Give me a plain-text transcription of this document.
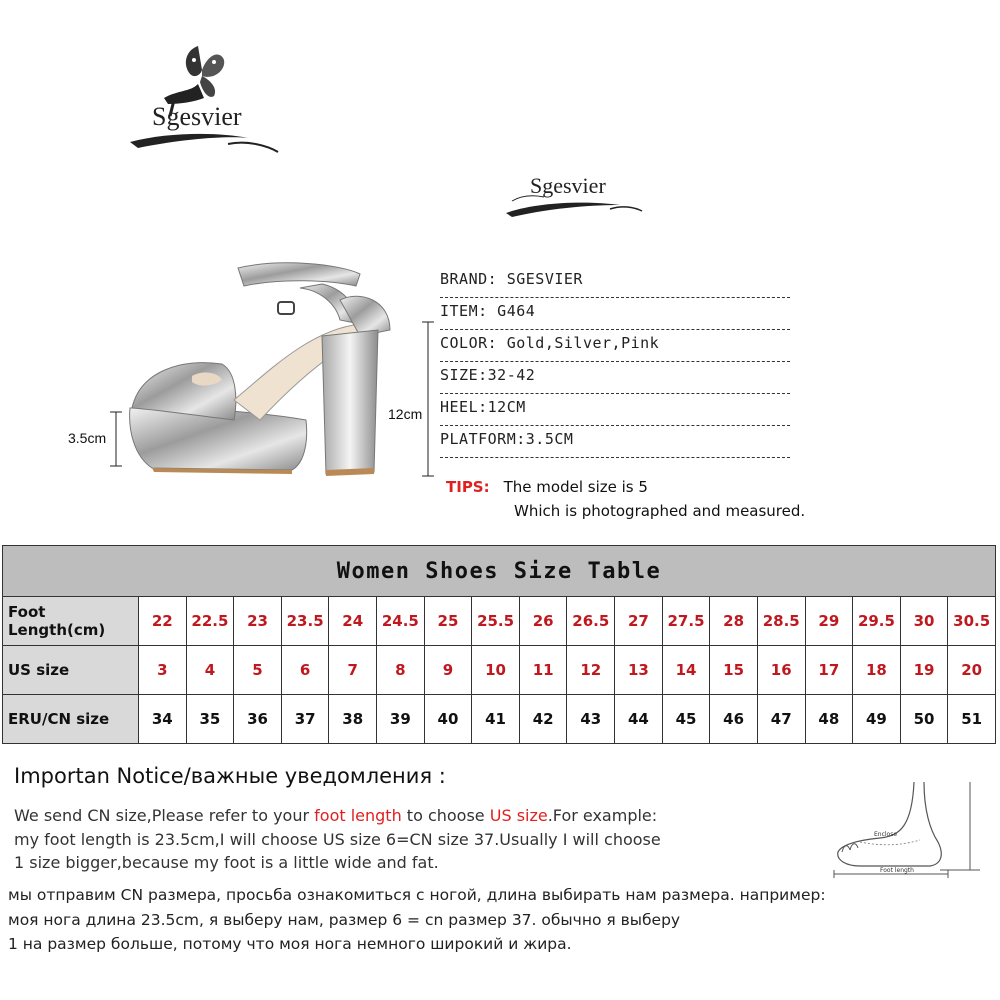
Sgesvier
Sgesvier
3.5cm
12cm
BRAND: SGESVIER
ITEM: G464
COLOR: Gold,Silver,Pink
SIZE:32-42
HEEL:12CM
PLATFORM:3.5CM
TIPS: The model size is 5
Which is photographed and measured.
Women Shoes Size Table																		
Foot Length(cm)	22	22.5	23	23.5	24	24.5	25	25.5	26	26.5	27	27.5	28	28.5	29	29.5	30	30.5
US size	3	4	5	6	7	8	9	10	11	12	13	14	15	16	17	18	19	20
ERU/CN size	34	35	36	37	38	39	40	41	42	43	44	45	46	47	48	49	50	51
Importan Notice/важные уведомления :
We send CN size,Please refer to your foot length to choose US size.For example:
my foot length is 23.5cm,I will choose US size 6=CN size 37.Usually I will choose
1 size bigger,because my foot is a little wide and fat.
мы отправим CN размера, просьба ознакомиться с ногой, длина выбирать нам размера. например:
моя нога длина 23.5cm, я выберу нам, размер 6 = cn размер 37. обычно я выберу
1 на размер больше, потому что моя нога немного широкий и жира.
Enclose
Foot length
